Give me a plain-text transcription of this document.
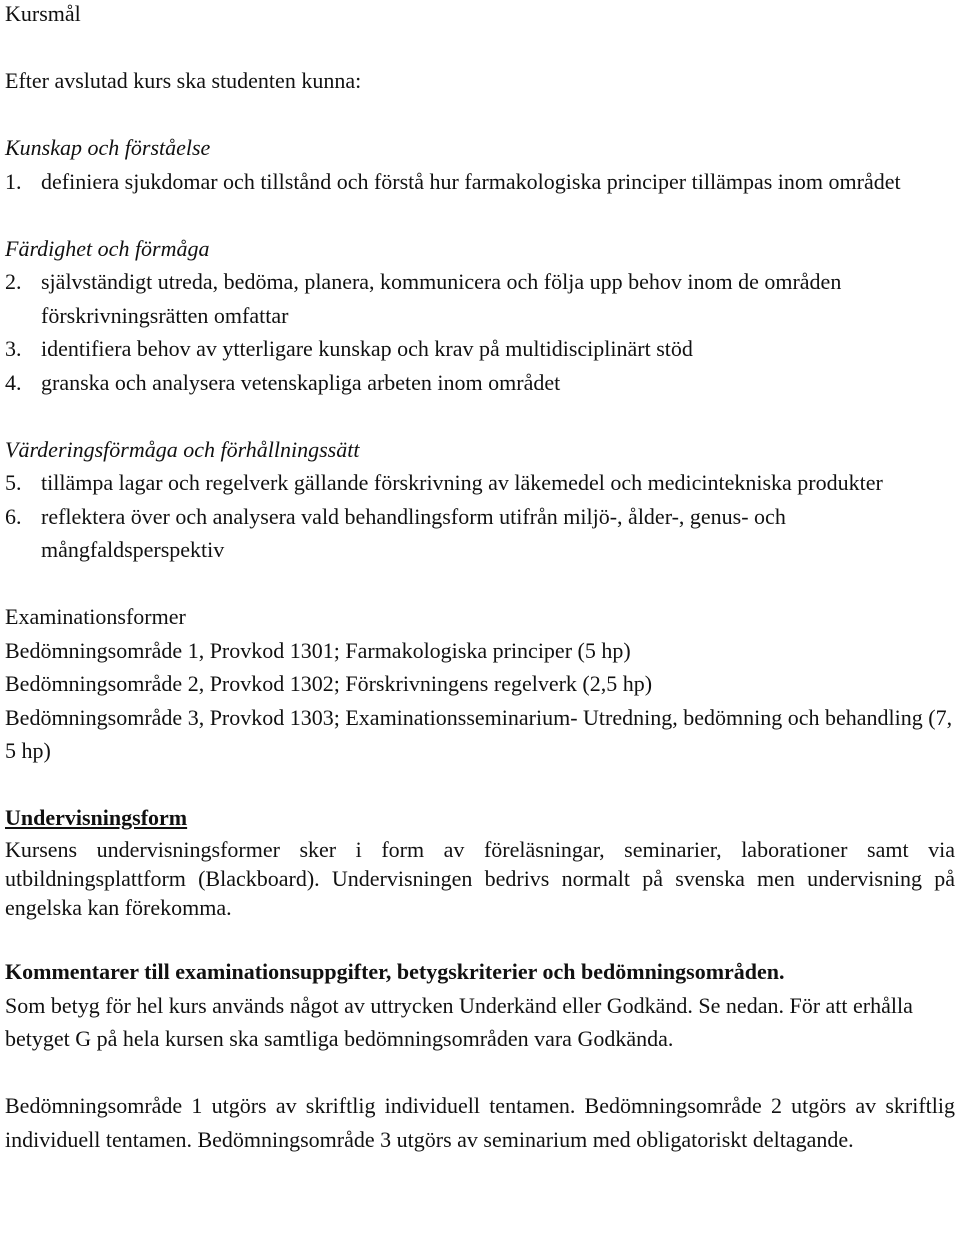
Kursmål

Efter avslutad kurs ska studenten kunna:

Kunskap och förståelse

1. definiera sjukdomar och tillstånd och förstå hur farmakologiska principer tillämpas inom området

Färdighet och förmåga

2. självständigt utreda, bedöma, planera, kommunicera och följa upp behov inom de områden förskrivningsrätten omfattar
3. identifiera behov av ytterligare kunskap och krav på multidisciplinärt stöd
4. granska och analysera vetenskapliga arbeten inom området

Värderingsförmåga och förhållningssätt

5. tillämpa lagar och regelverk gällande förskrivning av läkemedel och medicintekniska produkter
6. reflektera över och analysera vald behandlingsform utifrån miljö-, ålder-, genus- och mångfaldsperspektiv

Examinationsformer

Bedömningsområde 1, Provkod 1301; Farmakologiska principer (5 hp)

Bedömningsområde 2, Provkod 1302; Förskrivningens regelverk (2,5 hp)

Bedömningsområde 3, Provkod 1303; Examinationsseminarium- Utredning, bedömning och behandling (7, 5 hp)

Undervisningsform

Kursens undervisningsformer sker i form av föreläsningar, seminarier, laborationer samt via utbildningsplattform (Blackboard). Undervisningen bedrivs normalt på svenska men undervisning på engelska kan förekomma.

Kommentarer till examinationsuppgifter, betygskriterier och bedömningsområden.

Som betyg för hel kurs används något av uttrycken Underkänd eller Godkänd. Se nedan. För att erhålla betyget G på hela kursen ska samtliga bedömningsområden vara Godkända.

Bedömningsområde 1 utgörs av skriftlig individuell tentamen. Bedömningsområde 2 utgörs av skriftlig individuell tentamen. Bedömningsområde 3 utgörs av seminarium med obligatoriskt deltagande.
